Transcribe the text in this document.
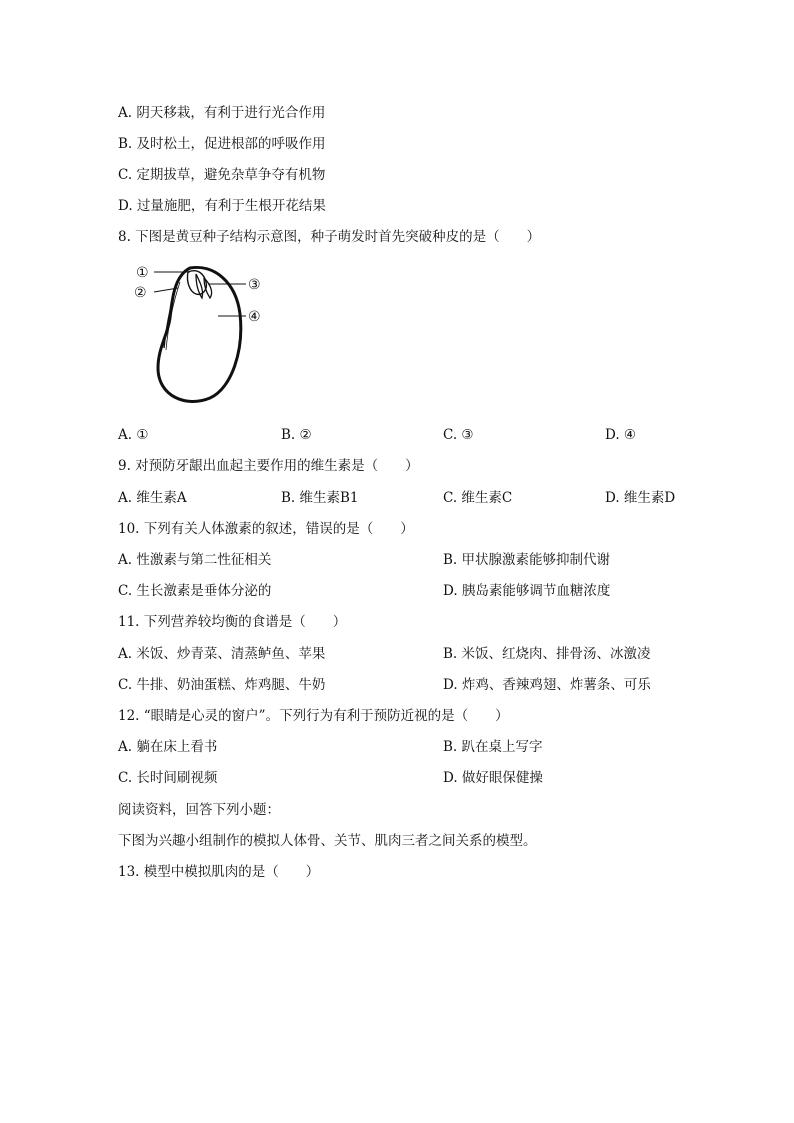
A. 阴天移栽，有利于进行光合作用
B. 及时松土，促进根部的呼吸作用
C. 定期拔草，避免杂草争夺有机物
D. 过量施肥，有利于生根开花结果
8. 下图是黄豆种子结构示意图，种子萌发时首先突破种皮的是（　　）
①
②	③
④
A. ①	B. ②	C. ③	D. ④
9. 对预防牙龈出血起主要作用的维生素是（　　）
A. 维生素A	B. 维生素B1	C. 维生素C	D. 维生素D
10. 下列有关人体激素的叙述，错误的是（　　）
A. 性激素与第二性征相关	B. 甲状腺激素能够抑制代谢
C. 生长激素是垂体分泌的	D. 胰岛素能够调节血糖浓度
11. 下列营养较均衡的食谱是（　　）
A. 米饭、炒青菜、清蒸鲈鱼、苹果	B. 米饭、红烧肉、排骨汤、冰激凌
C. 牛排、奶油蛋糕、炸鸡腿、牛奶	D. 炸鸡、香辣鸡翅、炸薯条、可乐
12. “眼睛是心灵的窗户”。下列行为有利于预防近视的是（　　）
A. 躺在床上看书	B. 趴在桌上写字
C. 长时间刷视频	D. 做好眼保健操
阅读资料，回答下列小题：
下图为兴趣小组制作的模拟人体骨、关节、肌肉三者之间关系的模型。
13. 模型中模拟肌肉的是（　　）
